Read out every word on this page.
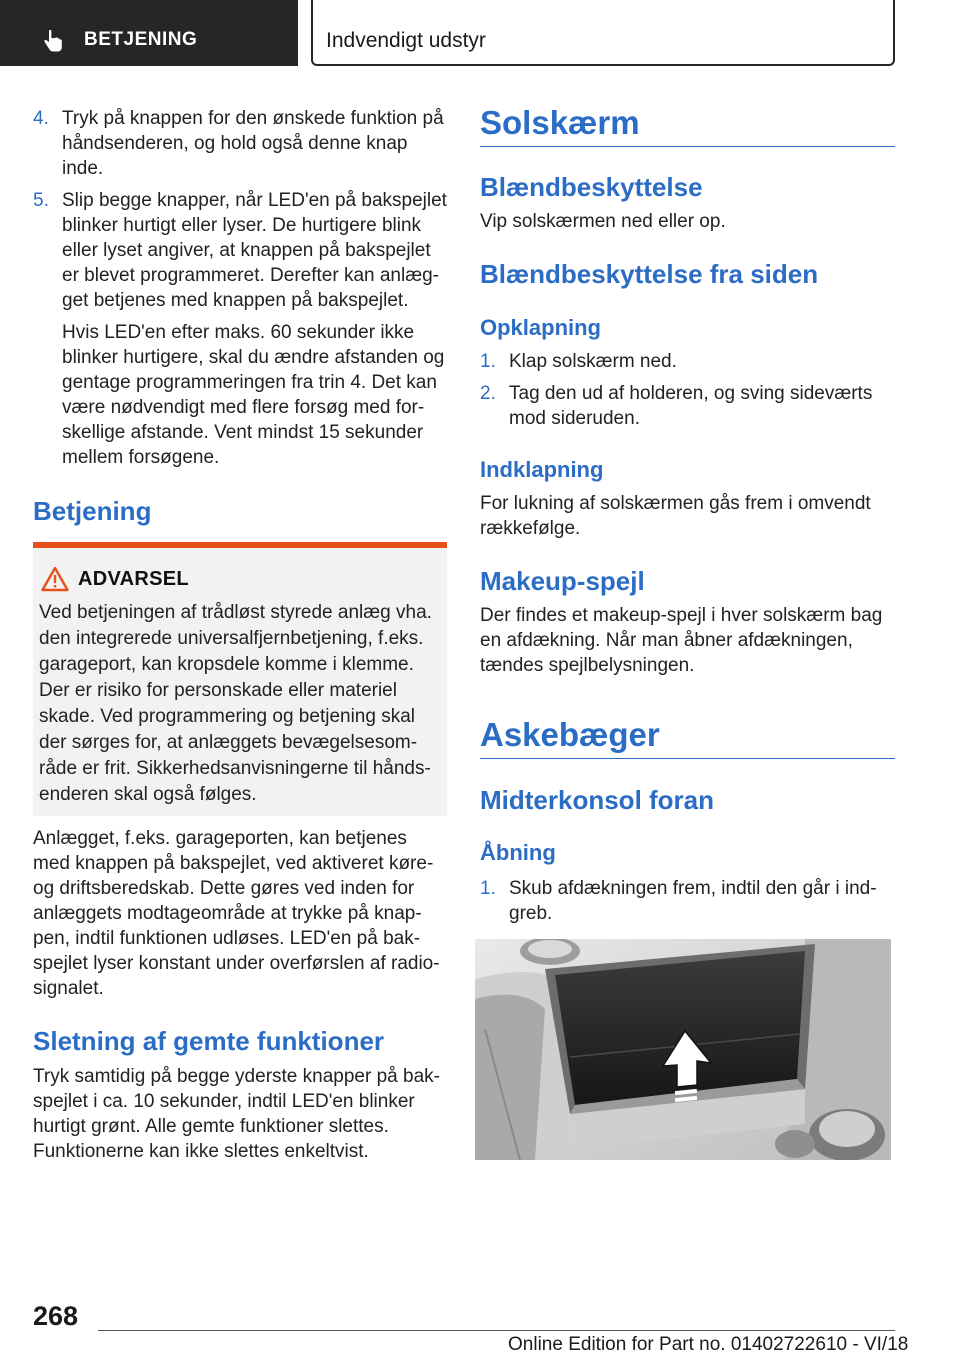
BETJENING	Indvendigt udstyr
4. Tryk på knappen for den ønskede funktion på
håndsenderen, og hold også denne knap
inde.
5. Slip begge knapper, når LED'en på bakspejlet
blinker hurtigt eller lyser. De hurtigere blink
eller lyset angiver, at knappen på bakspejlet
er blevet programmeret. Derefter kan anlæg‐
get betjenes med knappen på bakspejlet.
Hvis LED'en efter maks. 60 sekunder ikke
blinker hurtigere, skal du ændre afstanden og
gentage programmeringen fra trin 4. Det kan
være nødvendigt med flere forsøg med for‐
skellige afstande. Vent mindst 15 sekunder
mellem forsøgene.
Betjening
ADVARSEL
Ved betjeningen af trådløst styrede anlæg vha.
den integrerede universalfjernbetjening, f.eks.
garageport, kan kropsdele komme i klemme.
Der er risiko for personskade eller materiel
skade. Ved programmering og betjening skal
der sørges for, at anlæggets bevægelsesom‐
råde er frit. Sikkerhedsanvisningerne til hånds‐
enderen skal også følges.
Anlægget, f.eks. garageporten, kan betjenes
med knappen på bakspejlet, ved aktiveret køre‐
og driftsberedskab. Dette gøres ved inden for
anlæggets modtageområde at trykke på knap‐
pen, indtil funktionen udløses. LED'en på bak‐
spejlet lyser konstant under overførslen af radio‐
signalet.
Sletning af gemte funktioner
Tryk samtidig på begge yderste knapper på bak‐
spejlet i ca. 10 sekunder, indtil LED'en blinker
hurtigt grønt. Alle gemte funktioner slettes.
Funktionerne kan ikke slettes enkeltvist.
Solskærm
Blændbeskyttelse
Vip solskærmen ned eller op.
Blændbeskyttelse fra siden
Opklapning
1. Klap solskærm ned.
2. Tag den ud af holderen, og sving sideværts
mod sideruden.
Indklapning
For lukning af solskærmen gås frem i omvendt
rækkefølge.
Makeup-spejl
Der findes et makeup-spejl i hver solskærm bag
en afdækning. Når man åbner afdækningen,
tændes spejlbelysningen.
Askebæger
Midterkonsol foran
Åbning
1. Skub afdækningen frem, indtil den går i ind‐
greb.
268
Online Edition for Part no. 01402722610 - VI/18
